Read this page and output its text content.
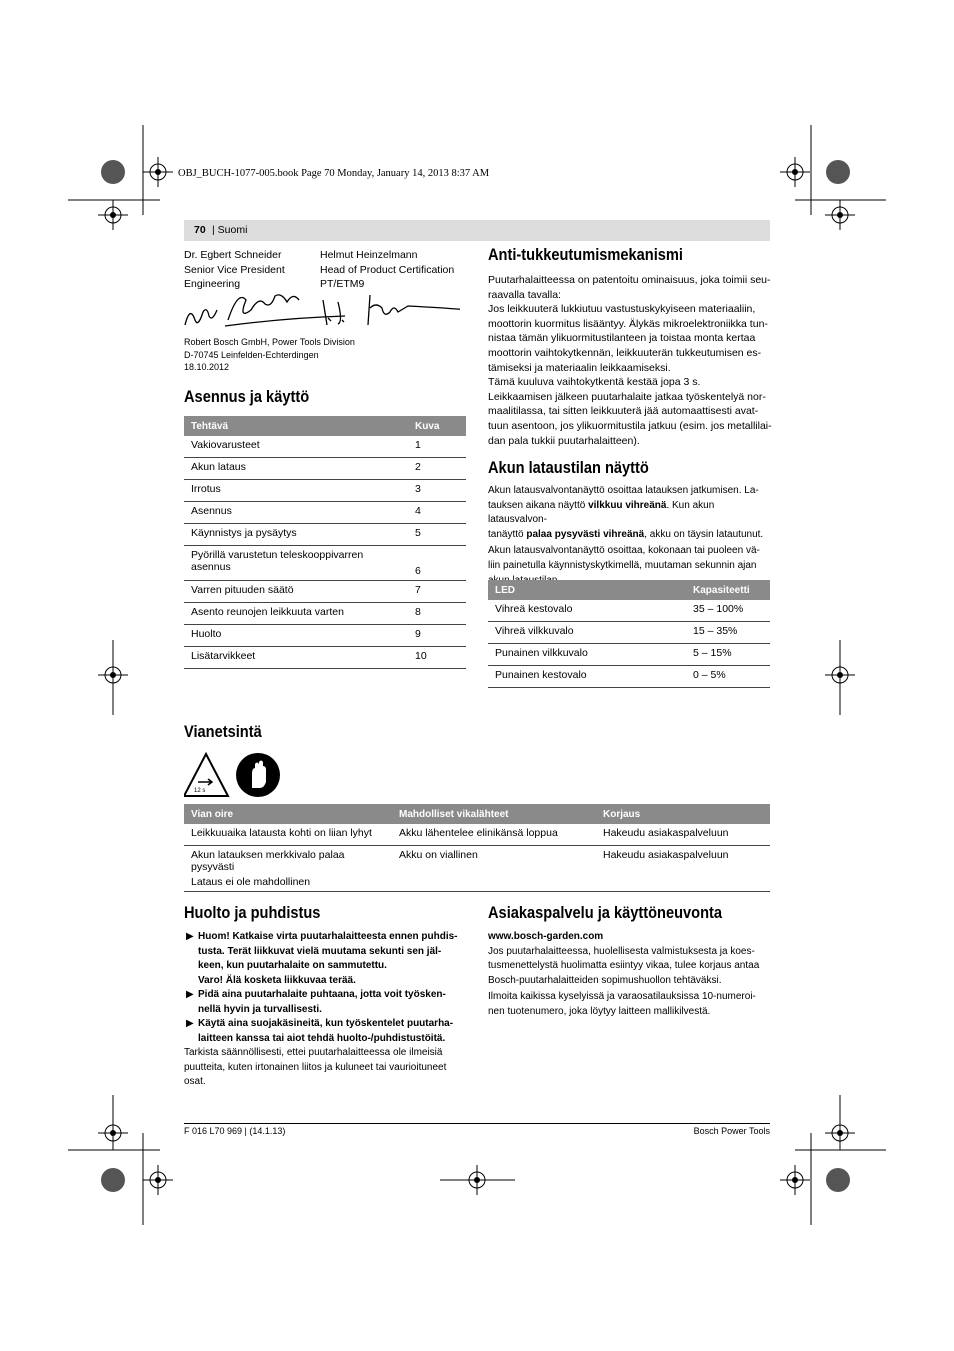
OBJ_BUCH-1077-005.book Page 70 Monday, January 14, 2013 8:37 AM
70 | Suomi
Dr. Egbert Schneider
Senior Vice President
Engineering
Helmut Heinzelmann
Head of Product Certification
PT/ETM9
Robert Bosch GmbH, Power Tools Division
D-70745 Leinfelden-Echterdingen
18.10.2012
Asennus ja käyttö
Tehtävä	Kuva
Vakiovarusteet	1
Akun lataus	2
Irrotus	3
Asennus	4
Käynnistys ja pysäytys	5
Pyörillä varustetun teleskooppivarren asennus	6
Varren pituuden säätö	7
Asento reunojen leikkuuta varten	8
Huolto	9
Lisätarvikkeet	10
Anti-tukkeutumismekanismi
Puutarhalaitteessa on patentoitu ominaisuus, joka toimii seu-
raavalla tavalla:
Jos leikkuuterä lukkiutuu vastustuskykyiseen materiaaliin,
moottorin kuormitus lisääntyy. Älykäs mikroelektroniikka tun-
nistaa tämän ylikuormitustilanteen ja toistaa monta kertaa
moottorin vaihtokytkennän, leikkuuterän tukkeutumisen es-
tämiseksi ja materiaalin leikkaamiseksi.
Tämä kuuluva vaihtokytkentä kestää jopa 3 s.
Leikkaamisen jälkeen puutarhalaite jatkaa työskentelyä nor-
maalitilassa, tai sitten leikkuuterä jää automaattisesti avat-
tuun asentoon, jos ylikuormitustila jatkuu (esim. jos metallilai-
dan pala tukkii puutarhalaitteen).
Akun lataustilan näyttö
Akun latausvalvontanäyttö osoittaa latauksen jatkumisen. La-
tauksen aikana näyttö vilkkuu vihreänä. Kun akun latausvalvon-
tanäyttö palaa pysyvästi vihreänä, akku on täysin latautunut.
Akun latausvalvontanäyttö osoittaa, kokonaan tai puoleen vä-
liin painetulla käynnistyskytkimellä, muutaman sekunnin ajan
LED	Kapasiteetti
Vihreä kestovalo	35 – 100%
Vihreä vilkkuvalo	15 – 35%
Punainen vilkkuvalo	5 – 15%
Punainen kestovalo	0 – 5%
Vianetsintä
12 s
Vian oire	Mahdolliset vikalähteet	Korjaus
Leikkuuaika latausta kohti on liian lyhyt	Akku lähentelee elinikänsä loppua	Hakeudu asiakaspalveluun

Akun latauksen merkkivalo palaa pysyvästi
Lataus ei ole mahdollinen	Akku on viallinen	Hakeudu asiakaspalveluun
Huolto ja puhdistus
▶ Huom! Katkaise virta puutarhalaitteesta ennen puhdis-
tusta. Terät liikkuvat vielä muutama sekunti sen jäl-
keen, kun puutarhalaite on sammutettu.
Varo! Älä kosketa liikkuvaa terää.
▶ Pidä aina puutarhalaite puhtaana, jotta voit työsken-
nellä hyvin ja turvallisesti.
▶ Käytä aina suojakäsineitä, kun työskentelet puutarha-
laitteen kanssa tai aiot tehdä huolto-/puhdistustöitä.
Tarkista säännöllisesti, ettei puutarhalaitteessa ole ilmeisiä
puutteita, kuten irtonainen liitos ja kuluneet tai vaurioituneet
osat.
Asiakaspalvelu ja käyttöneuvonta
www.bosch-garden.com
Jos puutarhalaitteessa, huolellisesta valmistuksesta ja koes-
tusmenettelystä huolimatta esiintyy vikaa, tulee korjaus antaa
Bosch-puutarhalaitteiden sopimushuollon tehtäväksi.
Ilmoita kaikissa kyselyissä ja varaosatilauksissa 10-numeroi-
nen tuotenumero, joka löytyy laitteen mallikilvestä.
F 016 L70 969 | (14.1.13)	Bosch Power Tools
